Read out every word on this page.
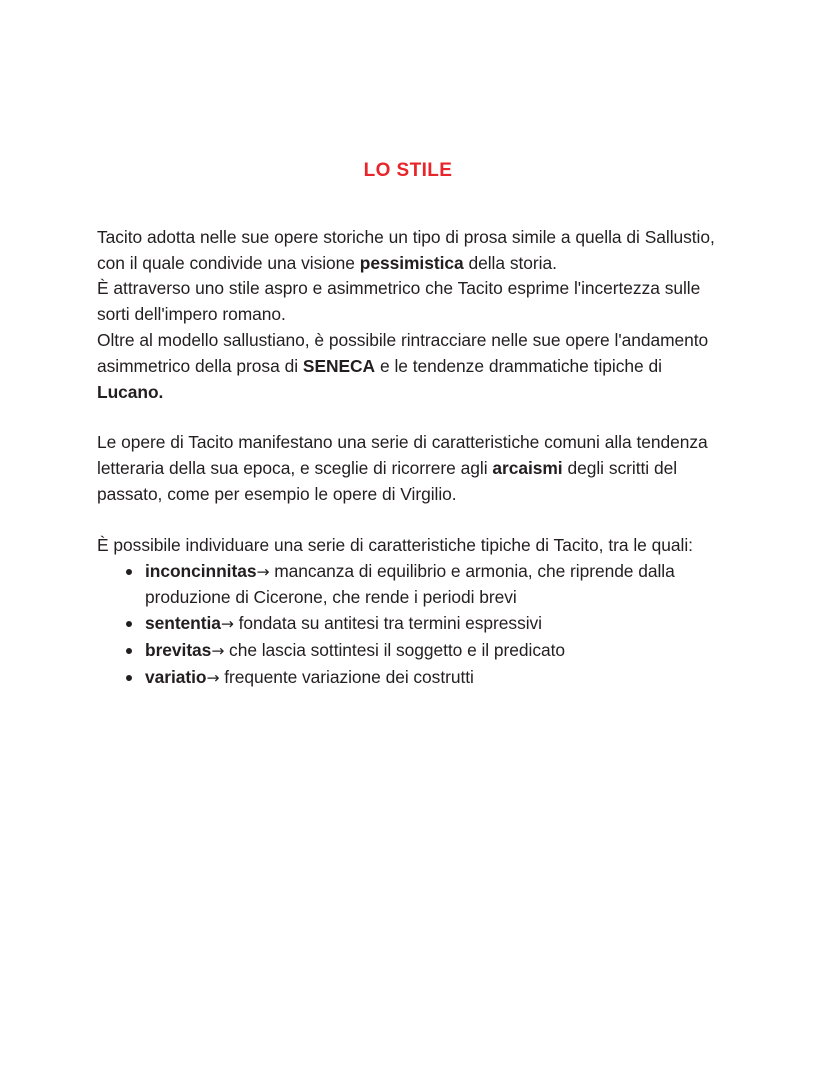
LO STILE

Tacito adotta nelle sue opere storiche un tipo di prosa simile a quella di Sallustio, con il quale condivide una visione pessimistica della storia.

È attraverso uno stile aspro e asimmetrico che Tacito esprime l'incertezza sulle sorti dell'impero romano.

Oltre al modello sallustiano, è possibile rintracciare nelle sue opere l'andamento asimmetrico della prosa di SENECA e le tendenze drammatiche tipiche di Lucano.

Le opere di Tacito manifestano una serie di caratteristiche comuni alla tendenza letteraria della sua epoca, e sceglie di ricorrere agli arcaismi degli scritti del passato, come per esempio le opere di Virgilio.

È possibile individuare una serie di caratteristiche tipiche di Tacito, tra le quali:

inconcinnitas→ mancanza di equilibrio e armonia, che riprende dalla produzione di Cicerone, che rende i periodi brevi
sententia→ fondata su antitesi tra termini espressivi
brevitas→ che lascia sottintesi il soggetto e il predicato
variatio→ frequente variazione dei costrutti
